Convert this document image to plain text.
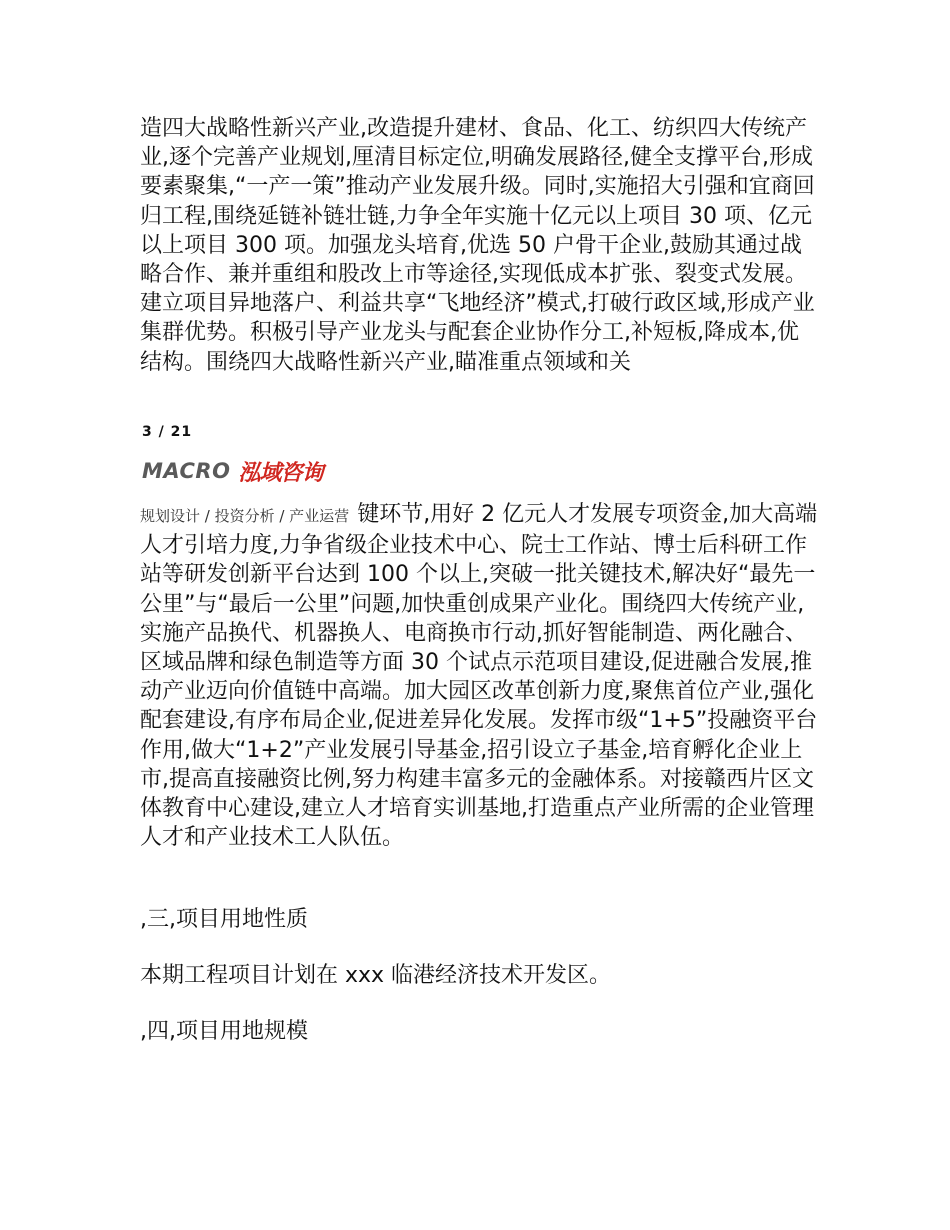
造四大战略性新兴产业,改造提升建材、食品、化工、纺织四大传统产业,逐个完善产业规划,厘清目标定位,明确发展路径,健全支撑平台,形成要素聚集,“一产一策”推动产业发展升级。同时,实施招大引强和宜商回归工程,围绕延链补链壮链,力争全年实施十亿元以上项目 30 项、亿元以上项目 300 项。加强龙头培育,优选 50 户骨干企业,鼓励其通过战略合作、兼并重组和股改上市等途径,实现低成本扩张、裂变式发展。建立项目异地落户、利益共享“飞地经济”模式,打破行政区域,形成产业集群优势。积极引导产业龙头与配套企业协作分工,补短板,降成本,优结构。围绕四大战略性新兴产业,瞄准重点领域和关

3 / 21
MACRO 泓域咨询

规划设计 / 投资分析 / 产业运营 键环节,用好 2 亿元人才发展专项资金,加大高端人才引培力度,力争省级企业技术中心、院士工作站、博士后科研工作站等研发创新平台达到 100 个以上,突破一批关键技术,解决好“最先一公里”与“最后一公里”问题,加快重创成果产业化。围绕四大传统产业,实施产品换代、机器换人、电商换市行动,抓好智能制造、两化融合、区域品牌和绿色制造等方面 30 个试点示范项目建设,促进融合发展,推动产业迈向价值链中高端。加大园区改革创新力度,聚焦首位产业,强化配套建设,有序布局企业,促进差异化发展。发挥市级“1+5”投融资平台作用,做大“1+2”产业发展引导基金,招引设立子基金,培育孵化企业上市,提高直接融资比例,努力构建丰富多元的金融体系。对接赣西片区文体教育中心建设,建立人才培育实训基地,打造重点产业所需的企业管理人才和产业技术工人队伍。

,三,项目用地性质

本期工程项目计划在 xxx 临港经济技术开发区。

,四,项目用地规模
